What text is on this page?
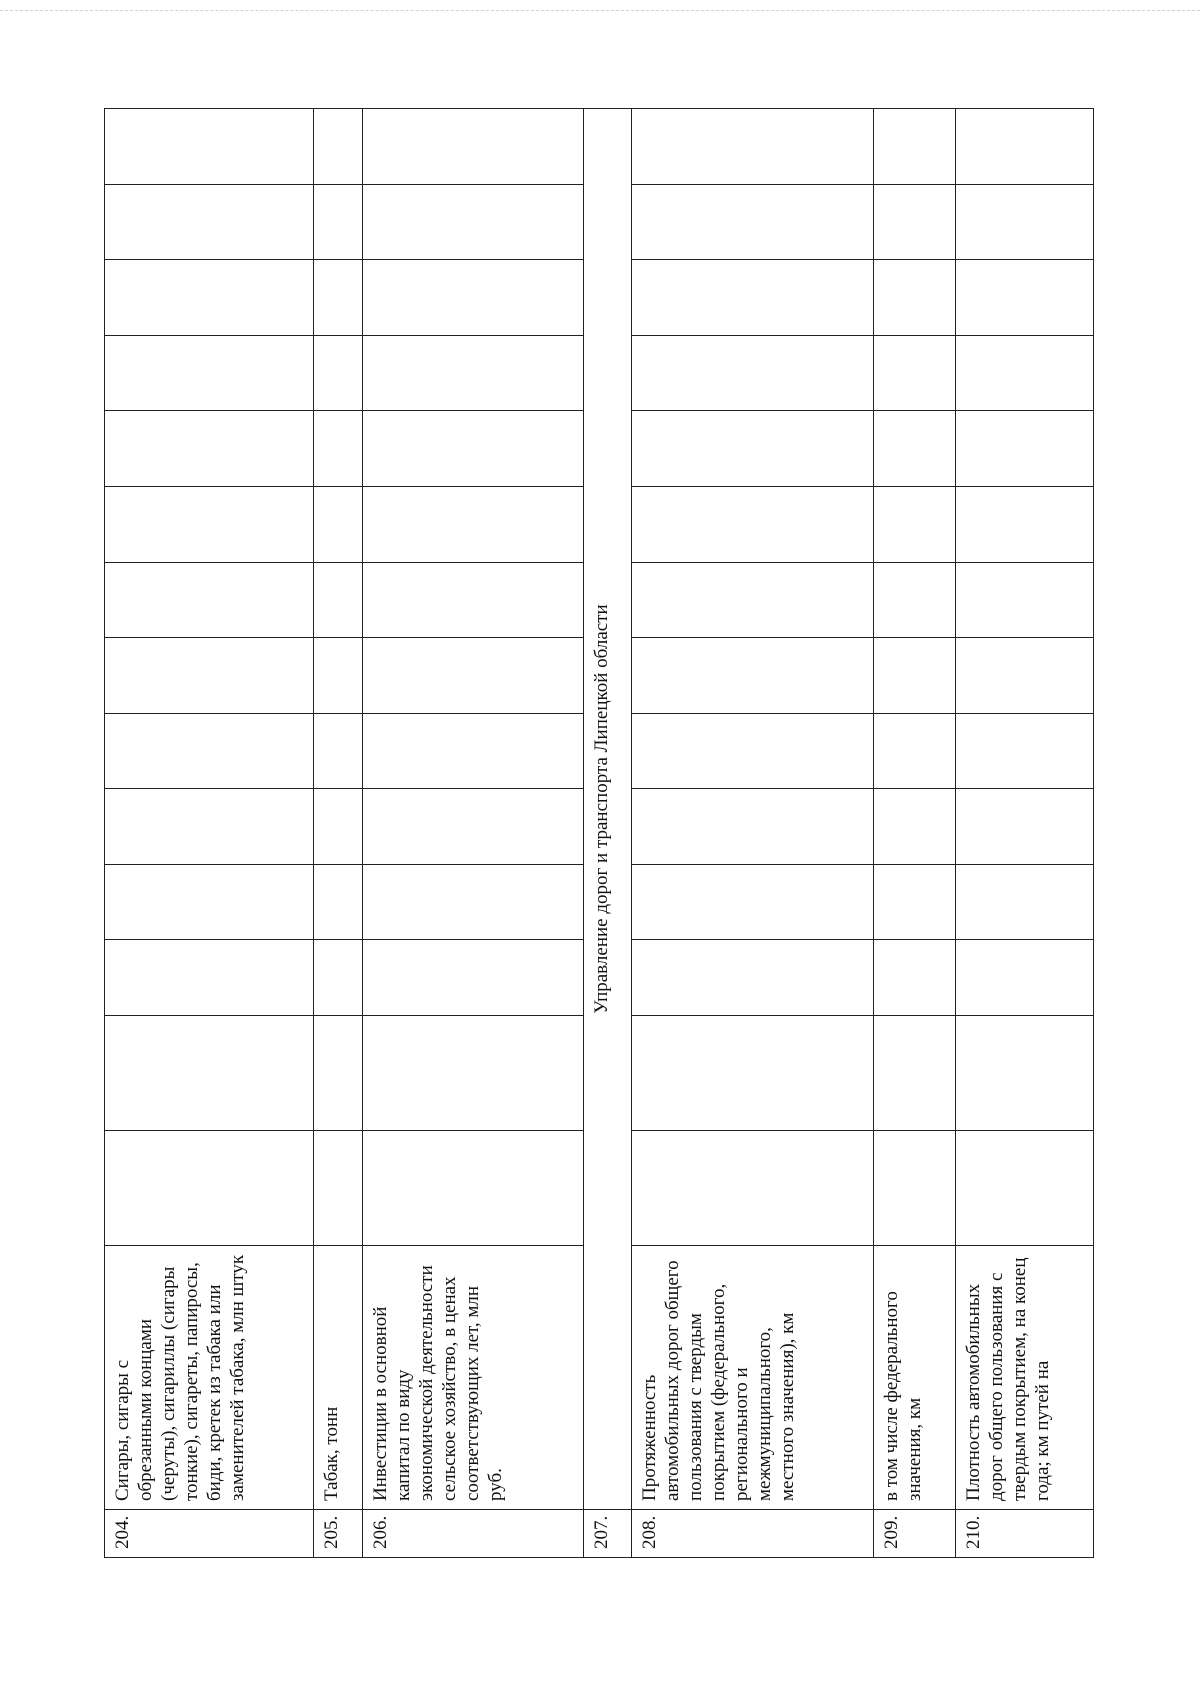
204.	Сигары, сигары с обрезанными концами (черуты), сигариллы (сигары тонкие), сигареты, папиросы, биди, кретек из табака или заменителей табака, млн штук														
205.	Табак, тонн														
206.	Инвестиции в основной капитал по виду экономической деятельности сельское хозяйство, в ценах соответствующих лет, млн руб.														
207.	Управление дорог и транспорта Липецкой области														
208.	Протяженность автомобильных дорог общего пользования с твердым покрытием (федерального, регионального и межмуниципального, местного значения), км														
209.	в том числе федерального значения, км														
210.	Плотность автомобильных дорог общего пользования с твердым покрытием, на конец года; км путей на														
